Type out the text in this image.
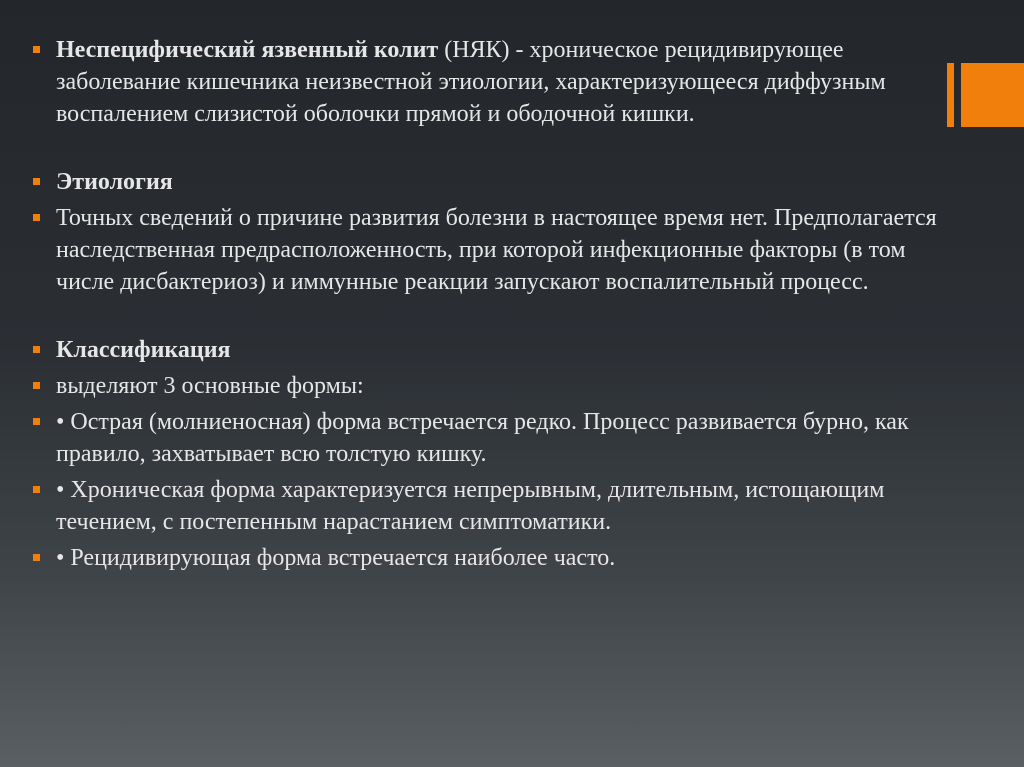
Неспецифический язвенный колит (НЯК) - хроническое рецидивирующее заболевание кишечника неизвестной этиологии, характеризующееся диффузным воспалением слизистой оболочки прямой и ободочной кишки.

Этиология

Точных сведений о причине развития болезни в настоящее время нет. Предполагается наследственная предрасположенность, при которой инфекционные факторы (в том числе дисбактериоз) и иммунные реакции запускают воспалительный процесс.

Классификация

выделяют 3 основные формы:

• Острая (молниеносная) форма встречается редко. Процесс развивается бурно, как правило, захватывает всю толстую кишку.

• Хроническая форма характеризуется непрерывным, длительным, истощающим течением, с постепенным нарастанием симптоматики.

• Рецидивирующая форма встречается наиболее часто.
